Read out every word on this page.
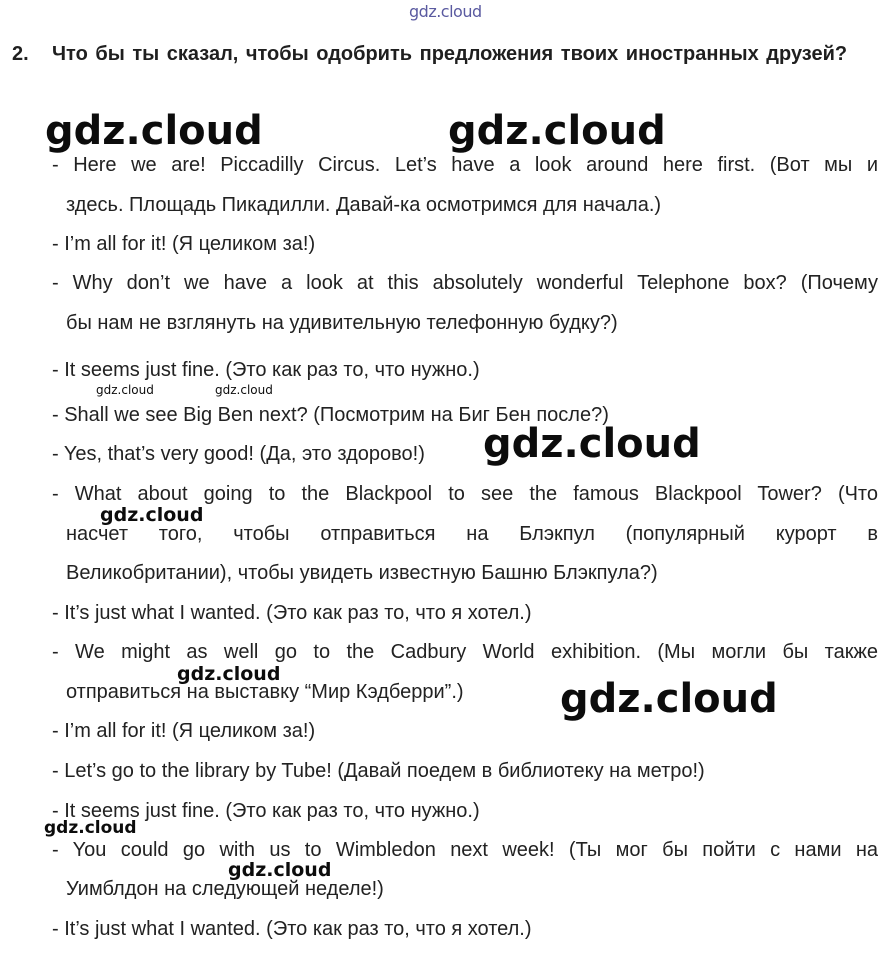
gdz.cloud
2. Что бы ты сказал, чтобы одобрить предложения твоих иностранных друзей?
- Here we are! Piccadilly Circus. Let’s have a look around here first. (Вот мы и
здесь. Площадь Пикадилли. Давай-ка осмотримся для начала.)
- I’m all for it! (Я целиком за!)
- Why don’t we have a look at this absolutely wonderful Telephone box? (Почему
бы нам не взглянуть на удивительную телефонную будку?)
- It seems just fine. (Это как раз то, что нужно.)
- Shall we see Big Ben next? (Посмотрим на Биг Бен после?)
- Yes, that’s very good! (Да, это здорово!)
- What about going to the Blackpool to see the famous Blackpool Tower? (Что
насчет того, чтобы отправиться на Блэкпул (популярный курорт в
Великобритании), чтобы увидеть известную Башню Блэкпула?)
- It’s just what I wanted. (Это как раз то, что я хотел.)
- We might as well go to the Cadbury World exhibition. (Мы могли бы также
отправиться на выставку “Мир Кэдберри”.)
- I’m all for it! (Я целиком за!)
- Let’s go to the library by Tube! (Давай поедем в библиотеку на метро!)
- It seems just fine. (Это как раз то, что нужно.)
- You could go with us to Wimbledon next week! (Ты мог бы пойти с нами на
Уимблдон на следующей неделе!)
- It’s just what I wanted. (Это как раз то, что я хотел.)
gdz.cloud	gdz.cloud
gdz.cloud	gdz.cloud
gdz.cloud
gdz.cloud
gdz.cloud
gdz.cloud
gdz.cloud
gdz.cloud
